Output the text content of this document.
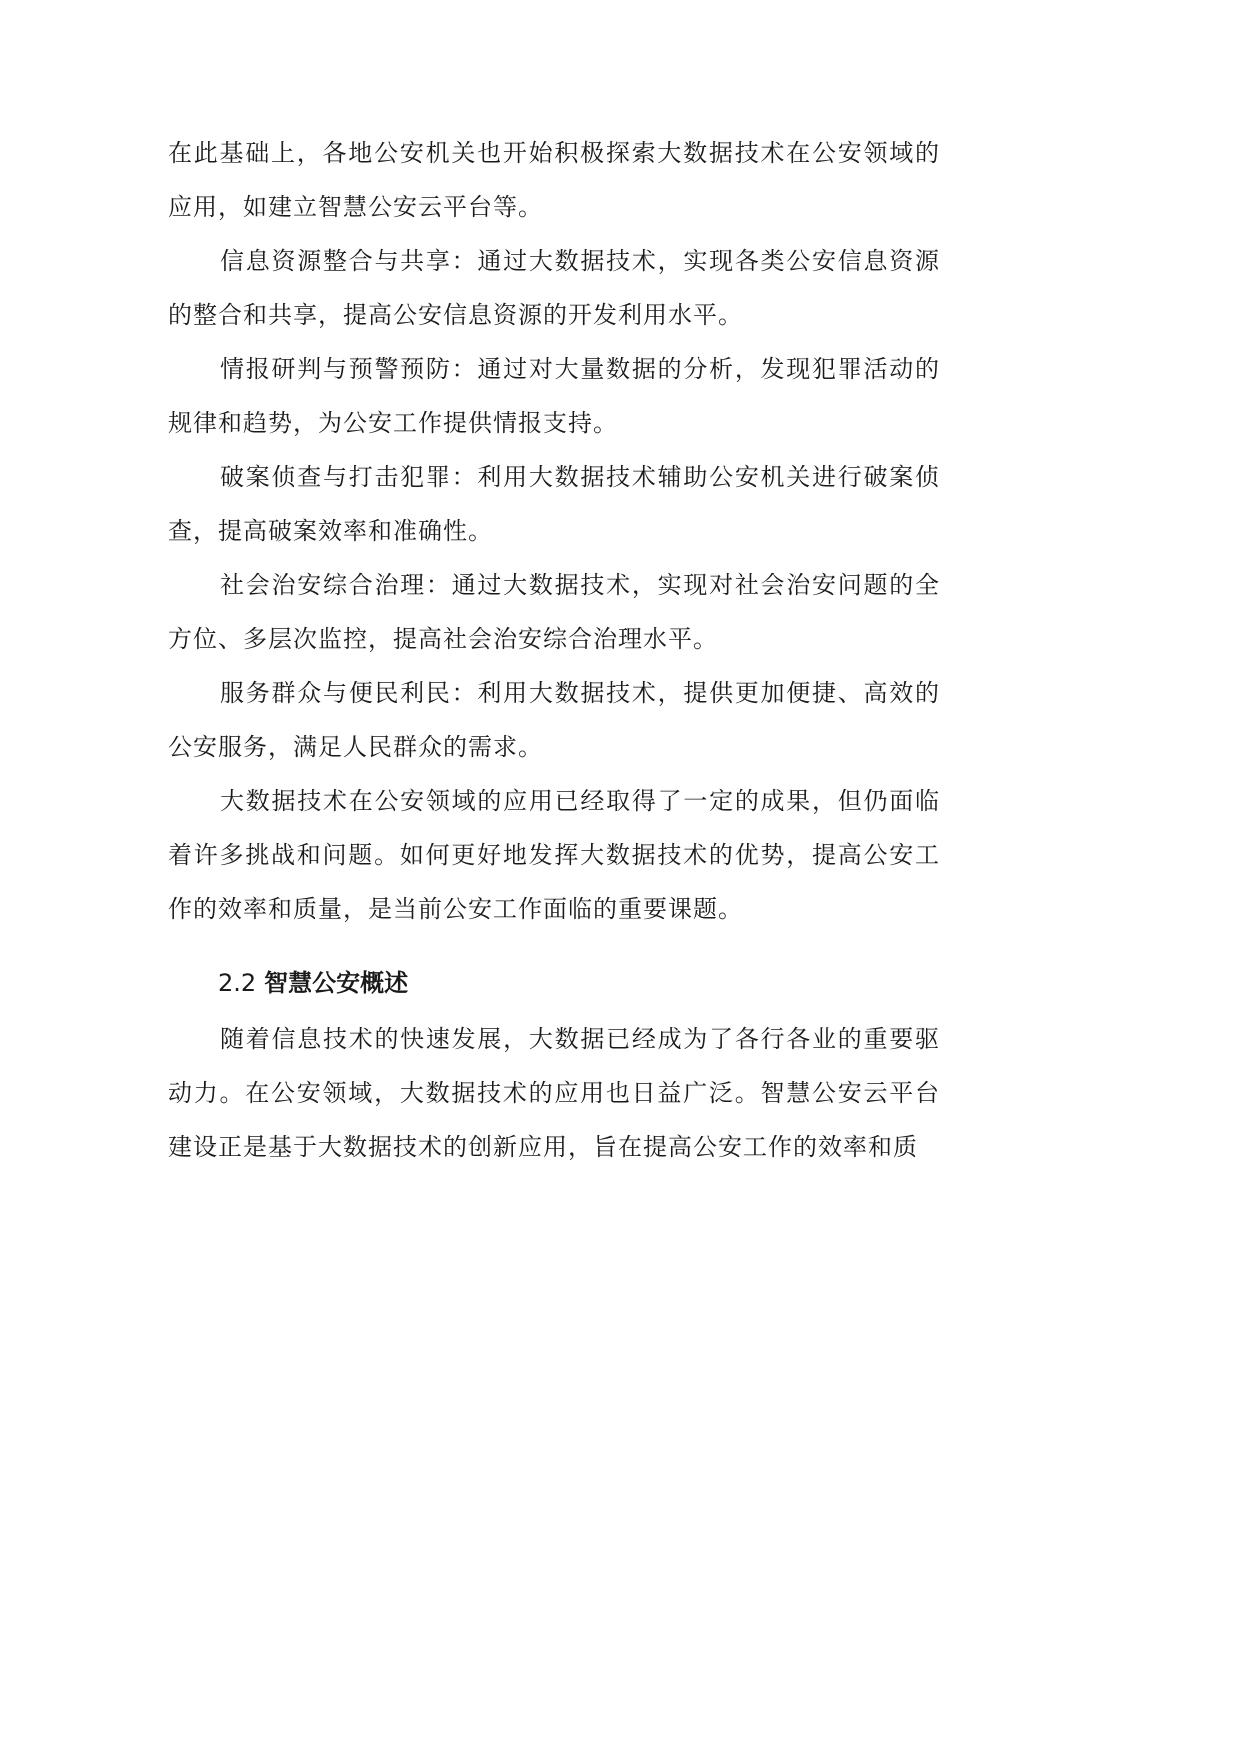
在此基础上，各地公安机关也开始积极探索大数据技术在公安领域的应用，如建立智慧公安云平台等。

信息资源整合与共享：通过大数据技术，实现各类公安信息资源的整合和共享，提高公安信息资源的开发利用水平。

情报研判与预警预防：通过对大量数据的分析，发现犯罪活动的规律和趋势，为公安工作提供情报支持。

破案侦查与打击犯罪：利用大数据技术辅助公安机关进行破案侦查，提高破案效率和准确性。

社会治安综合治理：通过大数据技术，实现对社会治安问题的全方位、多层次监控，提高社会治安综合治理水平。

服务群众与便民利民：利用大数据技术，提供更加便捷、高效的公安服务，满足人民群众的需求。

大数据技术在公安领域的应用已经取得了一定的成果，但仍面临着许多挑战和问题。如何更好地发挥大数据技术的优势，提高公安工作的效率和质量，是当前公安工作面临的重要课题。

2.2 智慧公安概述

随着信息技术的快速发展，大数据已经成为了各行各业的重要驱动力。在公安领域，大数据技术的应用也日益广泛。智慧公安云平台建设正是基于大数据技术的创新应用，旨在提高公安工作的效率和质
